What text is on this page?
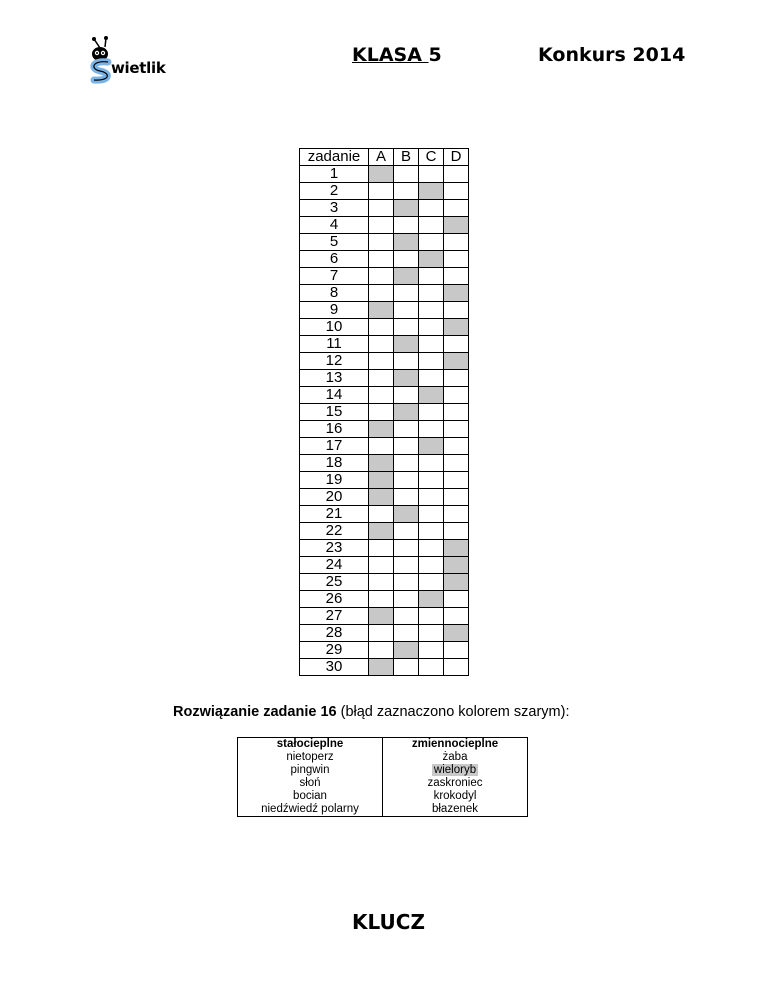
wietlik
KLASA 5	Konkurs 2014
zadanie	A	B	C	D
1				
2				
3				
4				
5				
6				
7				
8				
9				
10				
11				
12				
13				
14				
15				
16				
17				
18				
19				
20				
21				
22				
23				
24				
25				
26				
27				
28				
29				
30				
Rozwiązanie zadanie 16 (błąd zaznaczono kolorem szarym):
stałocieplne	zmiennocieplne
nietoperz	żaba
pingwin	wieloryb
słoń	zaskroniec
bocian	krokodyl
niedźwiedź polarny	błazenek
KLUCZ
